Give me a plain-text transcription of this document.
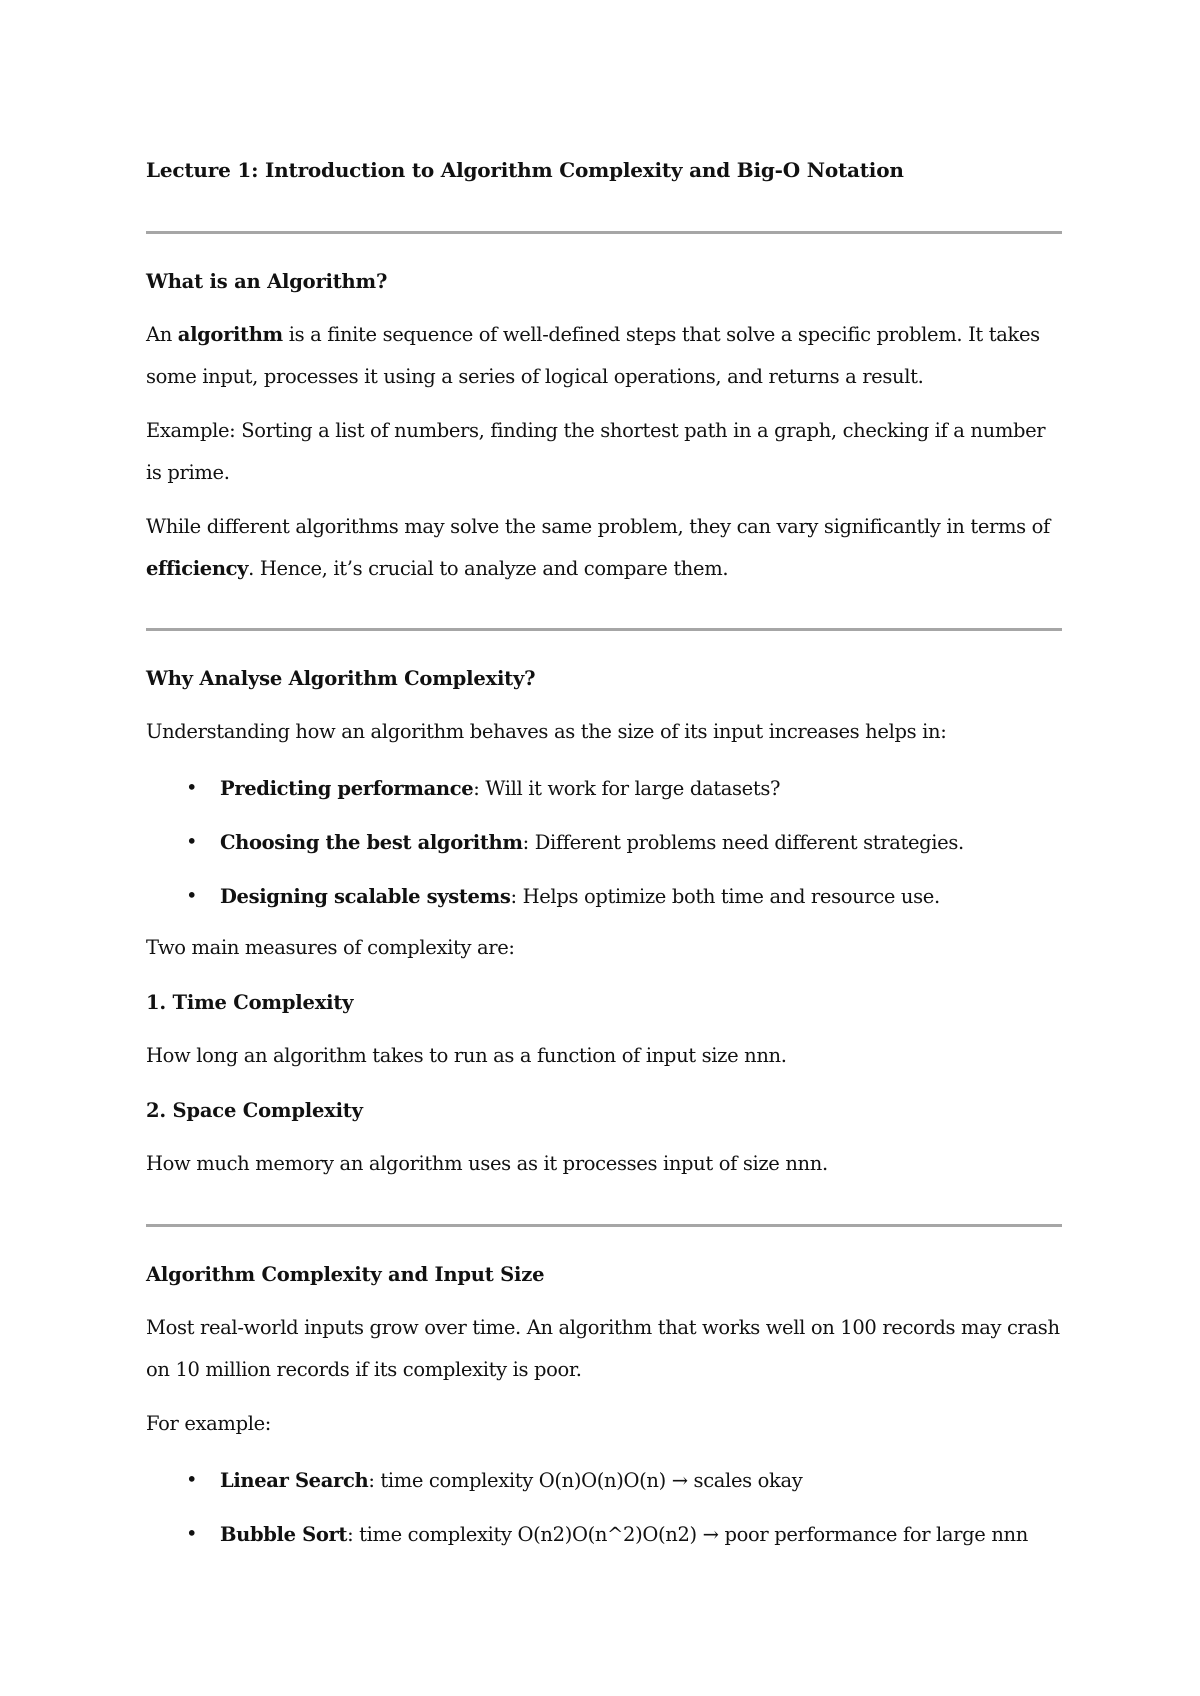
Lecture 1: Introduction to Algorithm Complexity and Big-O Notation
What is an Algorithm?

An algorithm is a finite sequence of well-defined steps that solve a specific problem. It takes some input, processes it using a series of logical operations, and returns a result.

Example: Sorting a list of numbers, finding the shortest path in a graph, checking if a number is prime.

While different algorithms may solve the same problem, they can vary significantly in terms of efficiency. Hence, it’s crucial to analyze and compare them.

Why Analyse Algorithm Complexity?

Understanding how an algorithm behaves as the size of its input increases helps in:

• Predicting performance: Will it work for large datasets?
• Choosing the best algorithm: Different problems need different strategies.
• Designing scalable systems: Helps optimize both time and resource use.

Two main measures of complexity are:

1. Time Complexity

How long an algorithm takes to run as a function of input size nnn.

2. Space Complexity

How much memory an algorithm uses as it processes input of size nnn.

Algorithm Complexity and Input Size

Most real-world inputs grow over time. An algorithm that works well on 100 records may crash on 10 million records if its complexity is poor.

For example:

• Linear Search: time complexity O(n)O(n)O(n) → scales okay
• Bubble Sort: time complexity O(n2)O(n^2)O(n2) → poor performance for large nnn
